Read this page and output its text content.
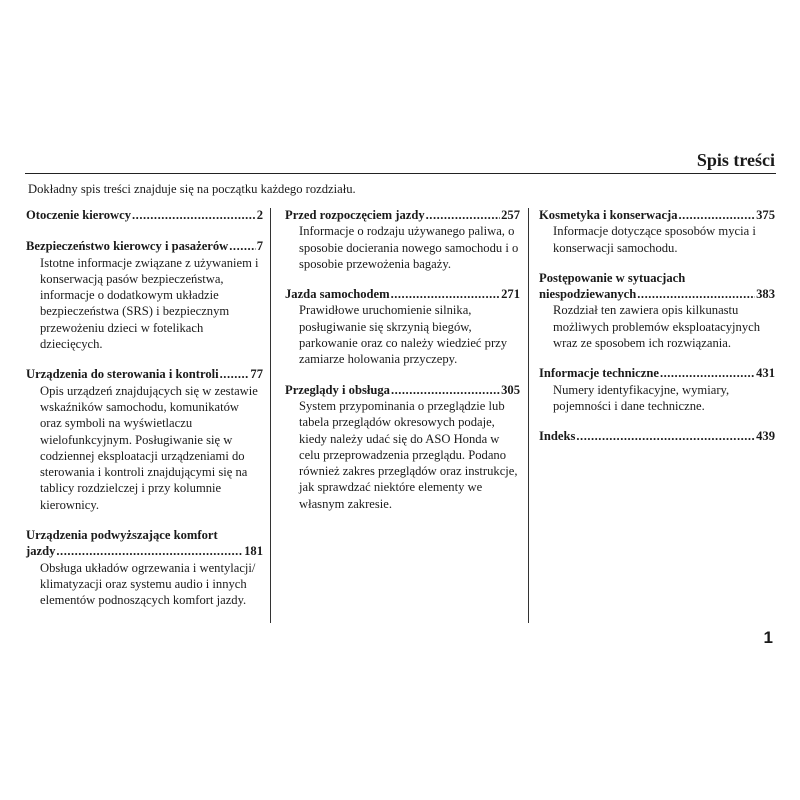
Spis treści

Dokładny spis treści znajduje się na początku każdego rozdziału.

Otoczenie kierowcy .....	2
Bezpieczeństwo kierowcy i pasażerów ..... 7

Istotne informacje związane z używaniem i konserwacją pasów bezpieczeństwa, informacje o dodatkowym układzie bezpieczeństwa (SRS) i bezpiecznym przewożeniu dzieci w fotelikach dziecięcych.

Urządzenia do sterowania i kontroli .....	77

Opis urządzeń znajdujących się w zestawie wskaźników samochodu, komunikatów oraz symboli na wyświetlaczu wielofunkcyjnym. Posługiwanie się w codziennej eksploatacji urządzeniami do sterowania i kontroli znajdującymi się na tablicy rozdzielczej i przy kolumnie kierownicy.

Urządzenia podwyższające komfort

jazdy .....	181

Obsługa układów ogrzewania i wentylacji/ klimatyzacji oraz systemu audio i innych elementów podnoszących komfort jazdy.

Przed rozpoczęciem jazdy .....	257

Informacje o rodzaju używanego paliwa, o sposobie docierania nowego samochodu i o sposobie przewożenia bagaży.

Jazda samochodem .....	271

Prawidłowe uruchomienie silnika, posługiwanie się skrzynią biegów, parkowanie oraz co należy wiedzieć przy zamiarze holowania przyczepy.

Przeglądy i obsługa .....	305

System przypominania o przeglądzie lub tabela przeglądów okresowych podaje, kiedy należy udać się do ASO Honda w celu przeprowadzenia przeglądu. Podano również zakres przeglądów oraz instrukcje, jak sprawdzać niektóre elementy we własnym zakresie.

Kosmetyka i konserwacja .....	375

Informacje dotyczące sposobów mycia i konserwacji samochodu.

Postępowanie w sytuacjach

niespodziewanych .....	383

Rozdział ten zawiera opis kilkunastu możliwych problemów eksploatacyjnych wraz ze sposobem ich rozwiązania.

Informacje techniczne .....	431

Numery identyfikacyjne, wymiary, pojemności i dane techniczne.

Indeks .....	439

1
